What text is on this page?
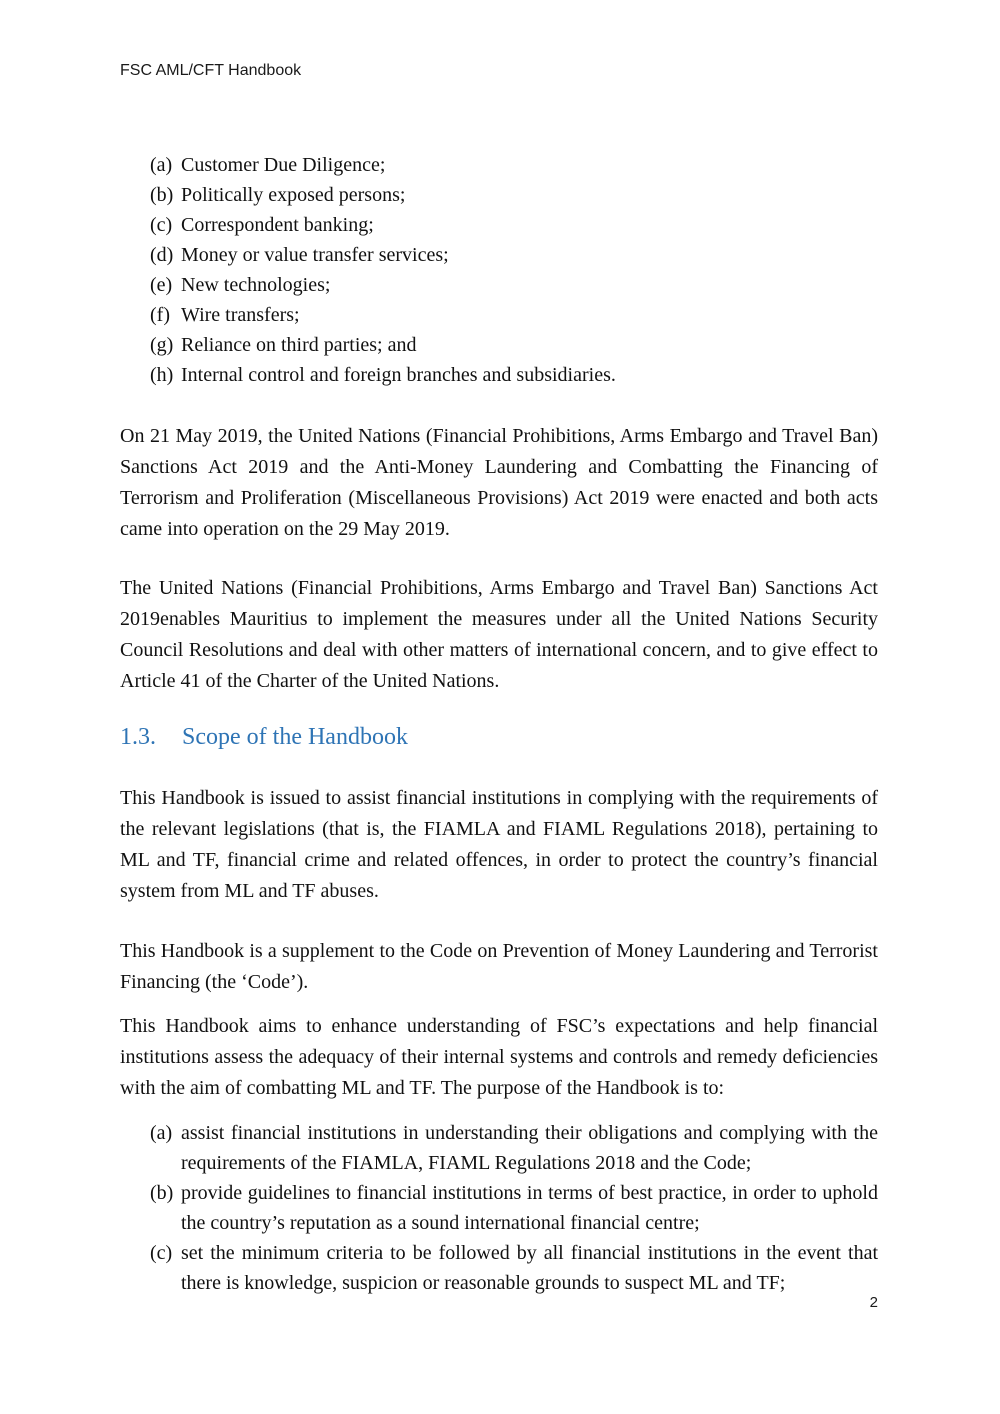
FSC AML/CFT Handbook
(a) Customer Due Diligence;
(b) Politically exposed persons;
(c) Correspondent banking;
(d) Money or value transfer services;
(e) New technologies;
(f) Wire transfers;
(g) Reliance on third parties; and
(h) Internal control and foreign branches and subsidiaries.
On 21 May 2019, the United Nations (Financial Prohibitions, Arms Embargo and Travel Ban) Sanctions Act 2019 and the Anti-Money Laundering and Combatting the Financing of Terrorism and Proliferation (Miscellaneous Provisions) Act 2019 were enacted and both acts came into operation on the 29 May 2019.
The United Nations (Financial Prohibitions, Arms Embargo and Travel Ban) Sanctions Act 2019enables Mauritius to implement the measures under all the United Nations Security Council Resolutions and deal with other matters of international concern, and to give effect to Article 41 of the Charter of the United Nations.
1.3. Scope of the Handbook
This Handbook is issued to assist financial institutions in complying with the requirements of the relevant legislations (that is, the FIAMLA and FIAML Regulations 2018), pertaining to ML and TF, financial crime and related offences, in order to protect the country’s financial system from ML and TF abuses.
This Handbook is a supplement to the Code on Prevention of Money Laundering and Terrorist Financing (the ‘Code’).
This Handbook aims to enhance understanding of FSC’s expectations and help financial institutions assess the adequacy of their internal systems and controls and remedy deficiencies with the aim of combatting ML and TF. The purpose of the Handbook is to:
(a) assist financial institutions in understanding their obligations and complying with the requirements of the FIAMLA, FIAML Regulations 2018 and the Code;
(b) provide guidelines to financial institutions in terms of best practice, in order to uphold the country’s reputation as a sound international financial centre;
(c) set the minimum criteria to be followed by all financial institutions in the event that there is knowledge, suspicion or reasonable grounds to suspect ML and TF;
2
